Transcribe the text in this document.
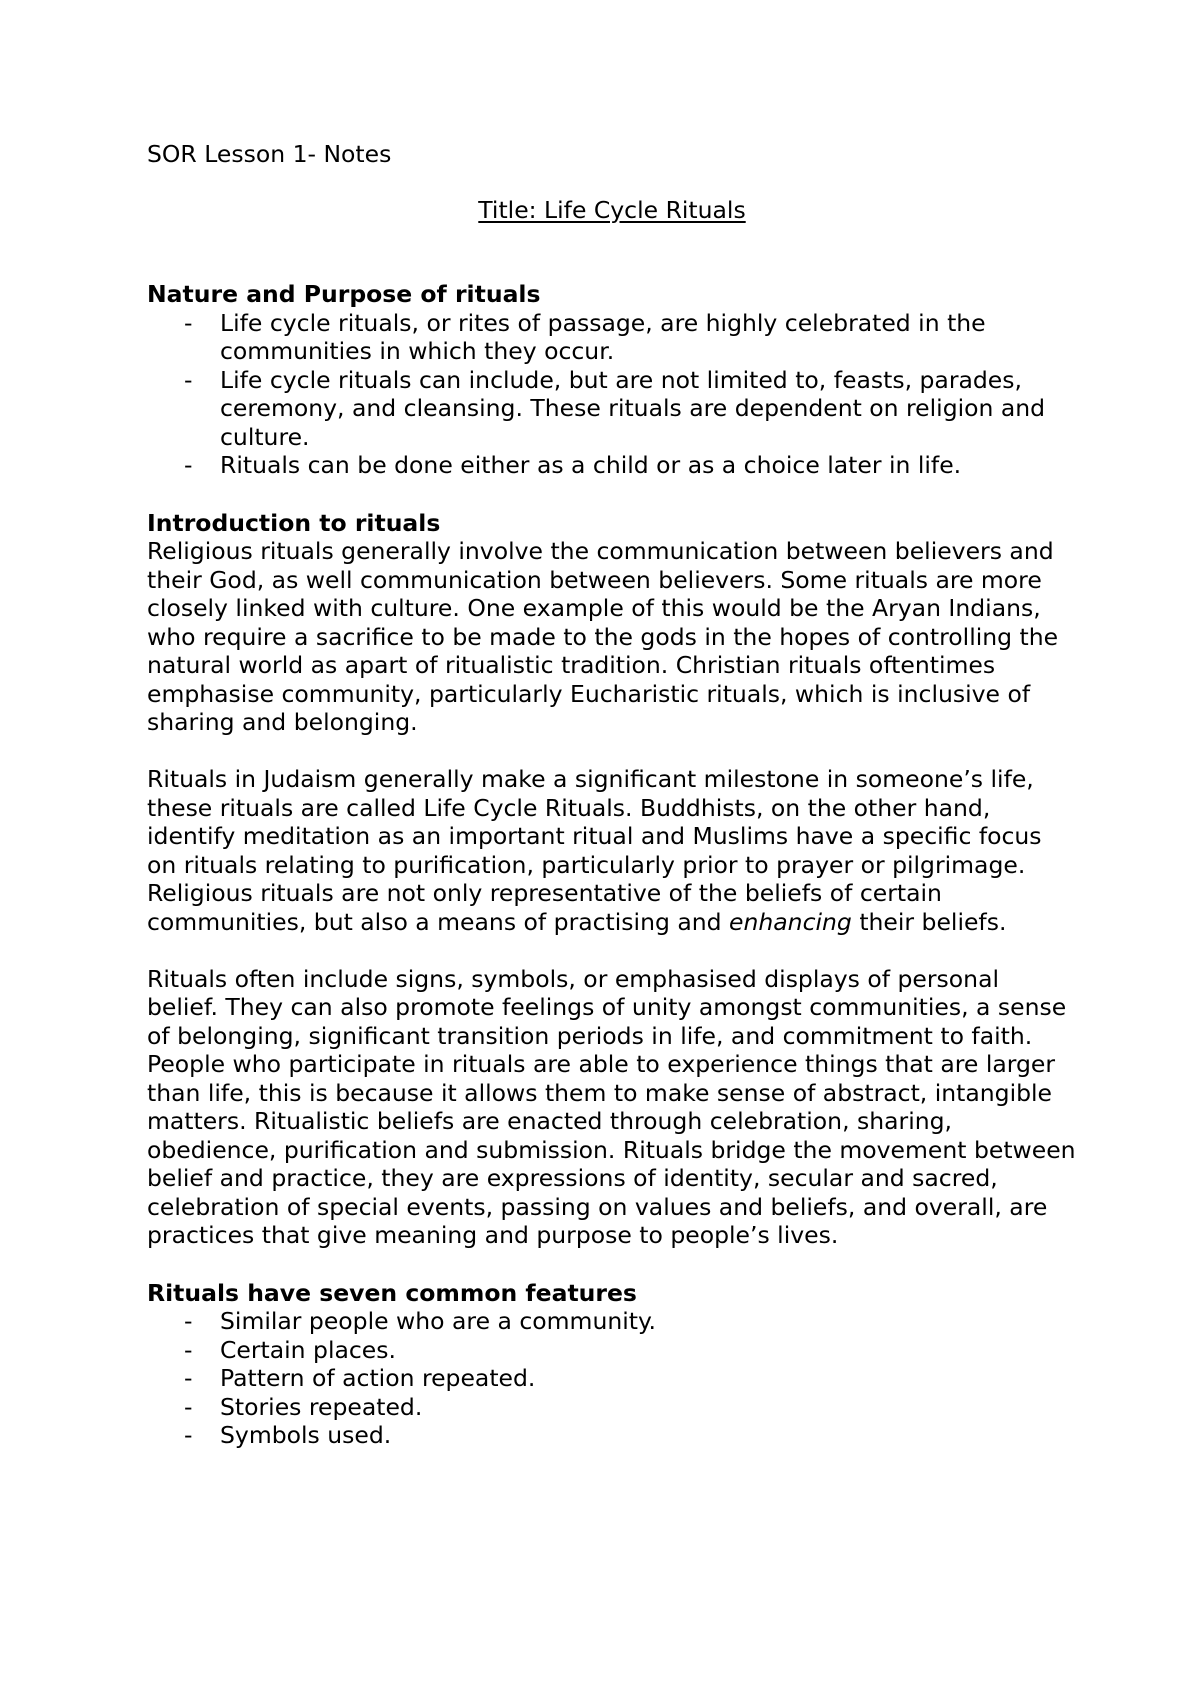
SOR Lesson 1- Notes

Title: Life Cycle Rituals

Nature and Purpose of rituals
- Life cycle rituals, or rites of passage, are highly celebrated in the communities in which they occur.
- Life cycle rituals can include, but are not limited to, feasts, parades, ceremony, and cleansing. These rituals are dependent on religion and culture.
- Rituals can be done either as a child or as a choice later in life.
Introduction to rituals

Religious rituals generally involve the communication between believers and their God, as well communication between believers. Some rituals are more closely linked with culture. One example of this would be the Aryan Indians, who require a sacrifice to be made to the gods in the hopes of controlling the natural world as apart of ritualistic tradition. Christian rituals oftentimes emphasise community, particularly Eucharistic rituals, which is inclusive of sharing and belonging.

Rituals in Judaism generally make a significant milestone in someone’s life, these rituals are called Life Cycle Rituals. Buddhists, on the other hand, identify meditation as an important ritual and Muslims have a specific focus on rituals relating to purification, particularly prior to prayer or pilgrimage. Religious rituals are not only representative of the beliefs of certain communities, but also a means of practising and enhancing their beliefs.

Rituals often include signs, symbols, or emphasised displays of personal belief. They can also promote feelings of unity amongst communities, a sense of belonging, significant transition periods in life, and commitment to faith. People who participate in rituals are able to experience things that are larger than life, this is because it allows them to make sense of abstract, intangible matters. Ritualistic beliefs are enacted through celebration, sharing, obedience, purification and submission. Rituals bridge the movement between belief and practice, they are expressions of identity, secular and sacred, celebration of special events, passing on values and beliefs, and overall, are practices that give meaning and purpose to people’s lives.

Rituals have seven common features
- Similar people who are a community.
- Certain places.
- Pattern of action repeated.
- Stories repeated.
- Symbols used.
